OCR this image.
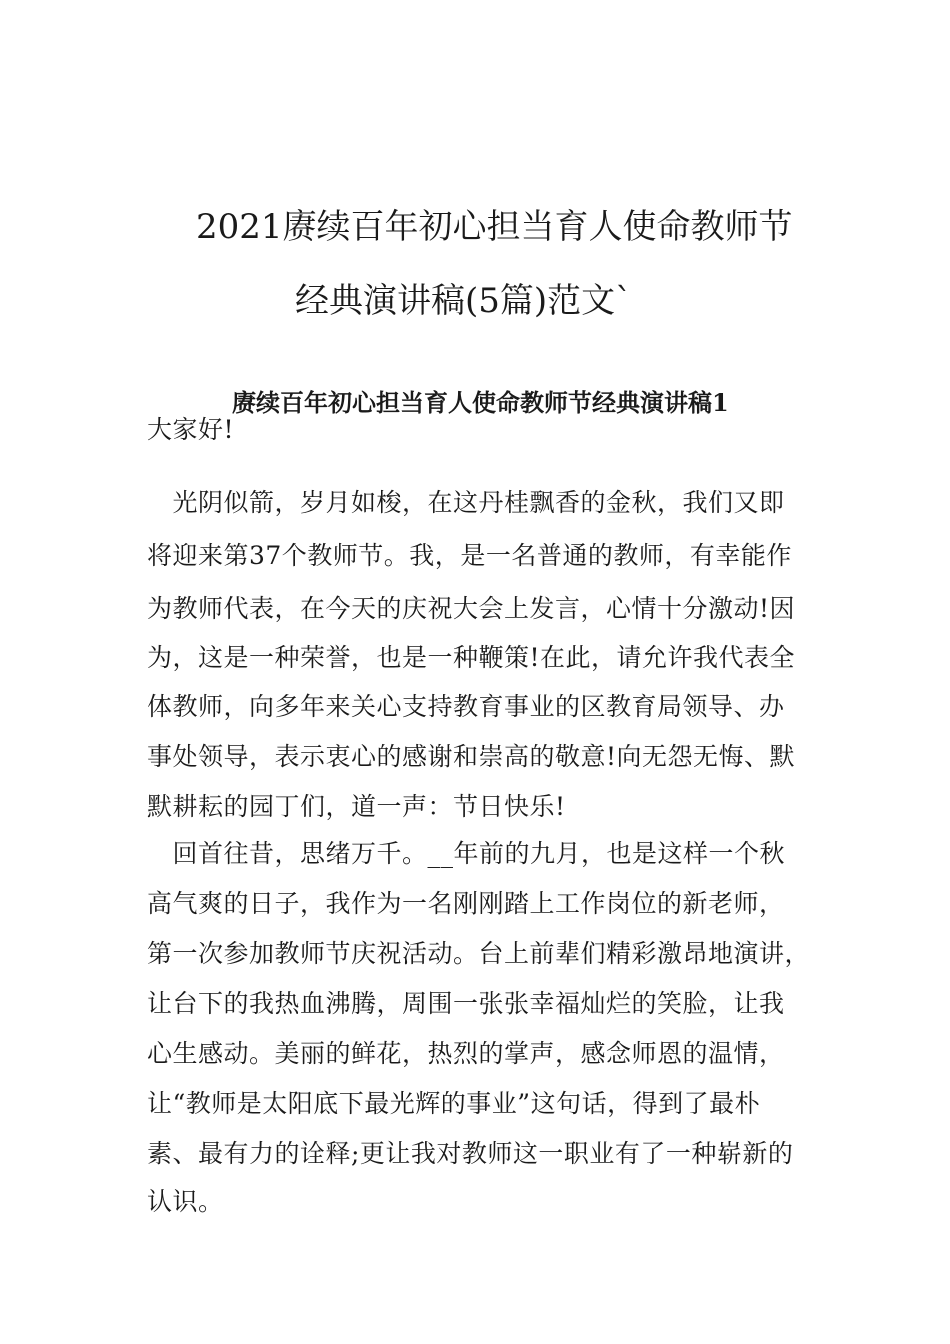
2021赓续百年初心担当育人使命教师节
经典演讲稿(5篇)范文`
赓续百年初心担当育人使命教师节经典演讲稿1
大家好!
　光阴似箭，岁月如梭，在这丹桂飘香的金秋，我们又即
将迎来第37个教师节。我，是一名普通的教师，有幸能作
为教师代表，在今天的庆祝大会上发言，心情十分激动!因
为，这是一种荣誉，也是一种鞭策!在此，请允许我代表全
体教师，向多年来关心支持教育事业的区教育局领导、办
事处领导，表示衷心的感谢和崇高的敬意!向无怨无悔、默
默耕耘的园丁们，道一声：节日快乐!
　回首往昔，思绪万千。__年前的九月，也是这样一个秋
高气爽的日子，我作为一名刚刚踏上工作岗位的新老师，
第一次参加教师节庆祝活动。台上前辈们精彩激昂地演讲，
让台下的我热血沸腾，周围一张张幸福灿烂的笑脸，让我
心生感动。美丽的鲜花，热烈的掌声，感念师恩的温情，
让“教师是太阳底下最光辉的事业”这句话，得到了最朴
素、最有力的诠释;更让我对教师这一职业有了一种崭新的
认识。
